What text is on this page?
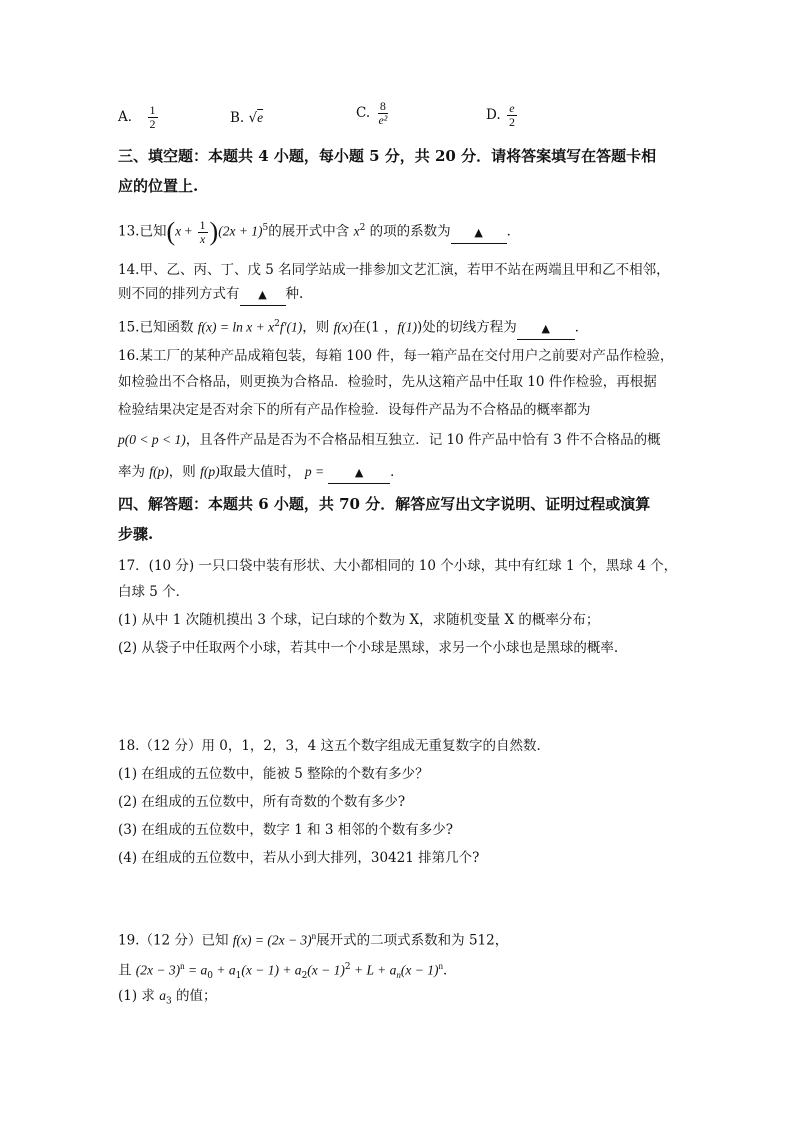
A． $\frac{1}{2}$	B. √e	C. $\frac{8}{\text{e²}}$	D. $\frac{e}{2}$
三、填空题：本题共 4 小题，每小题 5 分，共 20 分．请将答案填写在答题卡相
应的位置上.
13.已知$(x + \frac{1}{x} )(2x + 1)^5$的展开式中含 $x^2$ 的项的系数为 ▲ ．
14.甲、乙、丙、丁、戊 5 名同学站成一排参加文艺汇演，若甲不站在两端且甲和乙不相邻，
则不同的排列方式有 ▲ 种.
15.已知函数 $f(x) = \ln x + x^2f'(1)$，则 f(x)在(1 ，f(1))处的切线方程为 ▲ ．
16.某工厂的某种产品成箱包装，每箱 100 件，每一箱产品在交付用户之前要对产品作检验，
如检验出不合格品，则更换为合格品．检验时，先从这箱产品中任取 10 件作检验，再根据
检验结果决定是否对余下的所有产品作检验．设每件产品为不合格品的概率都为
p(0 < p < 1)，且各件产品是否为不合格品相互独立．记 10 件产品中恰有 3 件不合格品的概
率为 f(p)，则 f(p)取最大值时， p =	▲ ．
四、解答题：本题共 6 小题，共 70 分．解答应写出文字说明、证明过程或演算
步骤.
17．(10 分) 一只口袋中装有形状、大小都相同的 10 个小球，其中有红球 1 个，黑球 4 个，
白球 5 个．
(1) 从中 1 次随机摸出 3 个球，记白球的个数为 X，求随机变量 X 的概率分布；
(2) 从袋子中任取两个小球，若其中一个小球是黑球，求另一个小球也是黑球的概率.
18.（12 分）用 0，1，2，3，4 这五个数字组成无重复数字的自然数．
(1) 在组成的五位数中，能被 5 整除的个数有多少？
(2) 在组成的五位数中，所有奇数的个数有多少?
(3) 在组成的五位数中，数字 1 和 3 相邻的个数有多少?
(4) 在组成的五位数中，若从小到大排列，30421 排第几个?
19.（12 分）已知 $f(x) = (2x - 3)^n$展开式的二项式系数和为 512，
且 $(2x - 3)^n = a_0 + a_1(x - 1) + a_2(x - 1)^2 + L + a_n(x - 1)^n$．
(1) 求 $a_3$ 的值；
